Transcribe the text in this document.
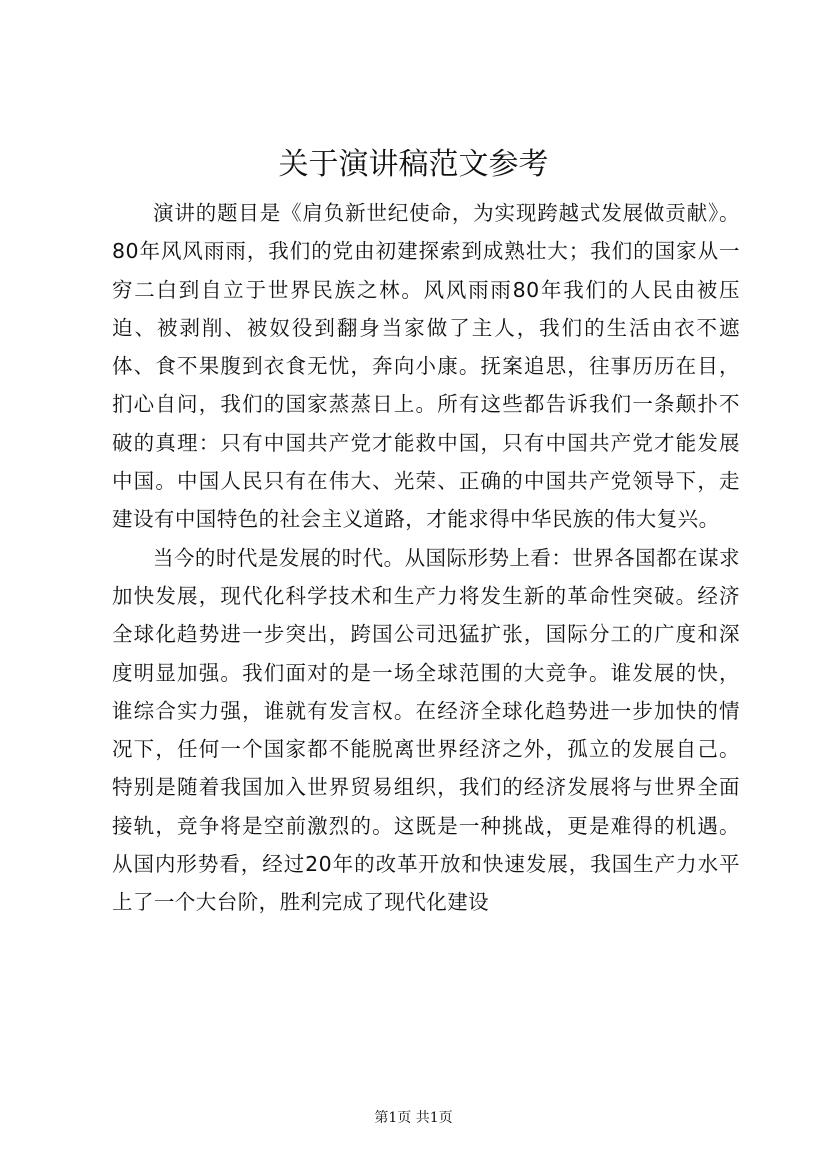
关于演讲稿范文参考

演讲的题目是《肩负新世纪使命，为实现跨越式发展做贡献》。80年风风雨雨，我们的党由初建探索到成熟壮大；我们的国家从一穷二白到自立于世界民族之林。风风雨雨80年我们的人民由被压迫、被剥削、被奴役到翻身当家做了主人，我们的生活由衣不遮体、食不果腹到衣食无忧，奔向小康。抚案追思，往事历历在目，扪心自问，我们的国家蒸蒸日上。所有这些都告诉我们一条颠扑不破的真理：只有中国共产党才能救中国，只有中国共产党才能发展中国。中国人民只有在伟大、光荣、正确的中国共产党领导下，走建设有中国特色的社会主义道路，才能求得中华民族的伟大复兴。

当今的时代是发展的时代。从国际形势上看：世界各国都在谋求加快发展，现代化科学技术和生产力将发生新的革命性突破。经济全球化趋势进一步突出，跨国公司迅猛扩张，国际分工的广度和深度明显加强。我们面对的是一场全球范围的大竞争。谁发展的快，谁综合实力强，谁就有发言权。在经济全球化趋势进一步加快的情况下，任何一个国家都不能脱离世界经济之外，孤立的发展自己。特别是随着我国加入世界贸易组织，我们的经济发展将与世界全面接轨，竞争将是空前激烈的。这既是一种挑战，更是难得的机遇。从国内形势看，经过20年的改革开放和快速发展，我国生产力水平上了一个大台阶，胜利完成了现代化建设

第1页 共1页
